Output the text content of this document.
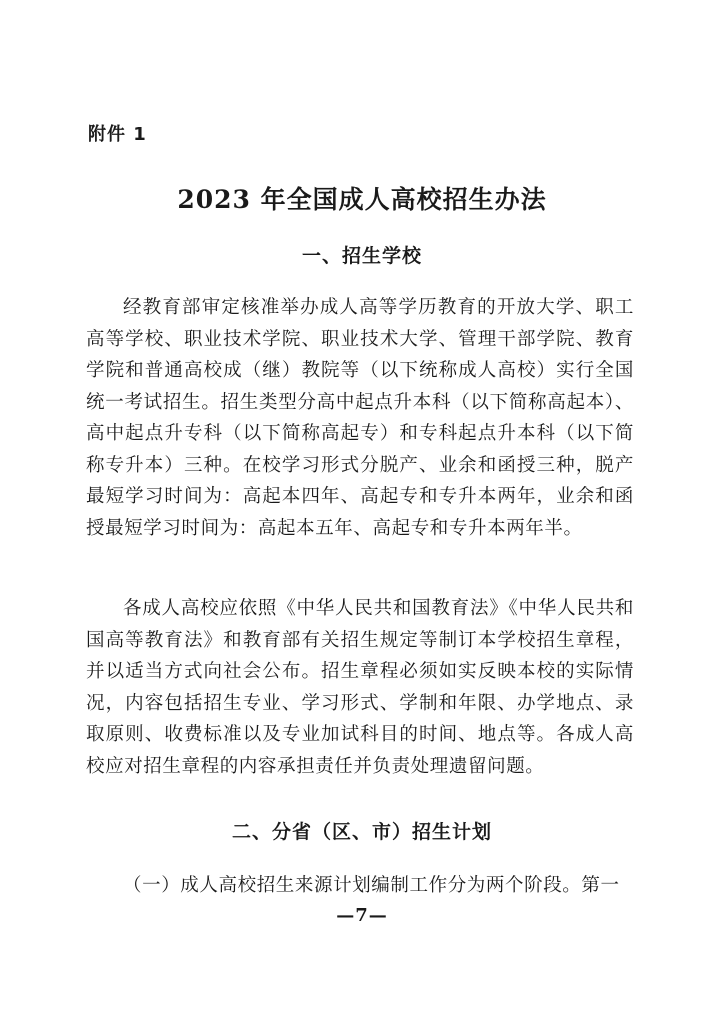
附件 1
2023 年全国成人高校招生办法
一、招生学校

经教育部审定核准举办成人高等学历教育的开放大学、职工高等学校、职业技术学院、职业技术大学、管理干部学院、教育学院和普通高校成（继）教院等（以下统称成人高校）实行全国统一考试招生。招生类型分高中起点升本科（以下简称高起本）、高中起点升专科（以下简称高起专）和专科起点升本科（以下简称专升本）三种。在校学习形式分脱产、业余和函授三种，脱产最短学习时间为：高起本四年、高起专和专升本两年，业余和函授最短学习时间为：高起本五年、高起专和专升本两年半。

各成人高校应依照《中华人民共和国教育法》《中华人民共和国高等教育法》和教育部有关招生规定等制订本学校招生章程，并以适当方式向社会公布。招生章程必须如实反映本校的实际情况，内容包括招生专业、学习形式、学制和年限、办学地点、录取原则、收费标准以及专业加试科目的时间、地点等。各成人高校应对招生章程的内容承担责任并负责处理遗留问题。

二、分省（区、市）招生计划

（一）成人高校招生来源计划编制工作分为两个阶段。第一

—7—
